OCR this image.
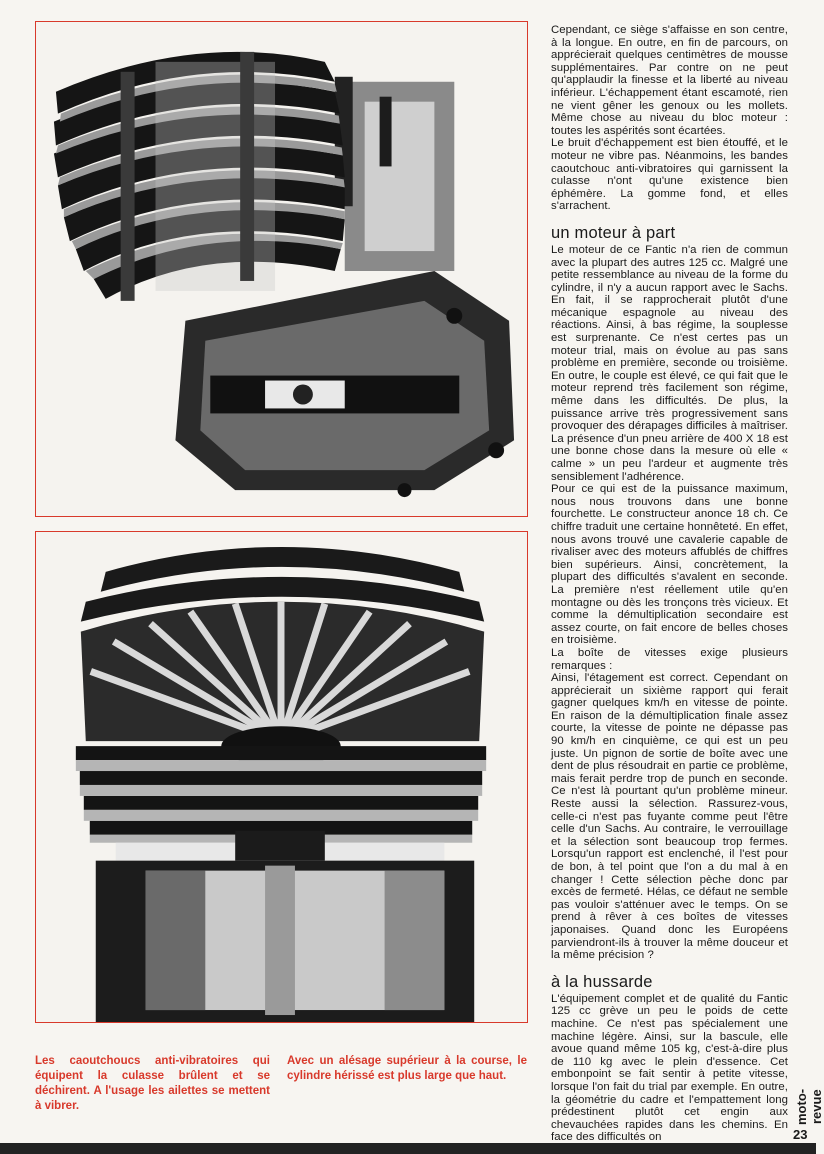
Les caoutchoucs anti-vibratoires qui équipent la culasse brûlent et se déchirent. A l'usage les ailettes se mettent à vibrer.

Avec un alésage supérieur à la course, le cylindre hérissé est plus large que haut.

Cependant, ce siège s'affaisse en son centre, à la longue. En outre, en fin de parcours, on apprécierait quelques centimètres de mousse supplémentaires. Par contre on ne peut qu'applaudir la finesse et la liberté au niveau inférieur. L'échappement étant escamoté, rien ne vient gêner les genoux ou les mollets. Même chose au niveau du bloc moteur : toutes les aspérités sont écartées.

Le bruit d'échappement est bien étouffé, et le moteur ne vibre pas. Néanmoins, les bandes caoutchouc anti-vibratoires qui garnissent la culasse n'ont qu'une existence bien éphémère. La gomme fond, et elles s'arrachent.

un moteur à part

Le moteur de ce Fantic n'a rien de commun avec la plupart des autres 125 cc. Malgré une petite ressemblance au niveau de la forme du cylindre, il n'y a aucun rapport avec le Sachs. En fait, il se rapprocherait plutôt d'une mécanique espagnole au niveau des réactions. Ainsi, à bas régime, la souplesse est surprenante. Ce n'est certes pas un moteur trial, mais on évolue au pas sans problème en première, seconde ou troisième. En outre, le couple est élevé, ce qui fait que le moteur reprend très facilement son régime, même dans les difficultés. De plus, la puissance arrive très progressivement sans provoquer des dérapages difficiles à maîtriser. La présence d'un pneu arrière de 400 X 18 est une bonne chose dans la mesure où elle « calme » un peu l'ardeur et augmente très sensiblement l'adhérence.

Pour ce qui est de la puissance maximum, nous nous trouvons dans une bonne fourchette. Le constructeur anonce 18 ch. Ce chiffre traduit une certaine honnêteté. En effet, nous avons trouvé une cavalerie capable de rivaliser avec des moteurs affublés de chiffres bien supérieurs. Ainsi, concrètement, la plupart des difficultés s'avalent en seconde. La première n'est réellement utile qu'en montagne ou dès les tronçons très vicieux. Et comme la démultiplication secondaire est assez courte, on fait encore de belles choses en troisième.

La boîte de vitesses exige plusieurs remarques :

Ainsi, l'étagement est correct. Cependant on apprécierait un sixième rapport qui ferait gagner quelques km/h en vitesse de pointe. En raison de la démultiplication finale assez courte, la vitesse de pointe ne dépasse pas 90 km/h en cinquième, ce qui est un peu juste. Un pignon de sortie de boîte avec une dent de plus résoudrait en partie ce problème, mais ferait perdre trop de punch en seconde. Ce n'est là pourtant qu'un problème mineur. Reste aussi la sélection. Rassurez-vous, celle-ci n'est pas fuyante comme peut l'être celle d'un Sachs. Au contraire, le verrouillage et la sélection sont beaucoup trop fermes. Lorsqu'un rapport est enclenché, il l'est pour de bon, à tel point que l'on a du mal à en changer ! Cette sélection pèche donc par excès de fermeté. Hélas, ce défaut ne semble pas vouloir s'atténuer avec le temps. On se prend à rêver à ces boîtes de vitesses japonaises. Quand donc les Européens parviendront-ils à trouver la même douceur et la même précision ?

à la hussarde

L'équipement complet et de qualité du Fantic 125 cc grève un peu le poids de cette machine. Ce n'est pas spécialement une machine légère. Ainsi, sur la bascule, elle avoue quand même 105 kg, c'est-à-dire plus de 110 kg avec le plein d'essence. Cet embonpoint se fait sentir à petite vitesse, lorsque l'on fait du trial par exemple. En outre, la géométrie du cadre et l'empattement long prédestinent plutôt cet engin aux chevauchées rapides dans les chemins. En face des difficultés on

moto-revue
23
